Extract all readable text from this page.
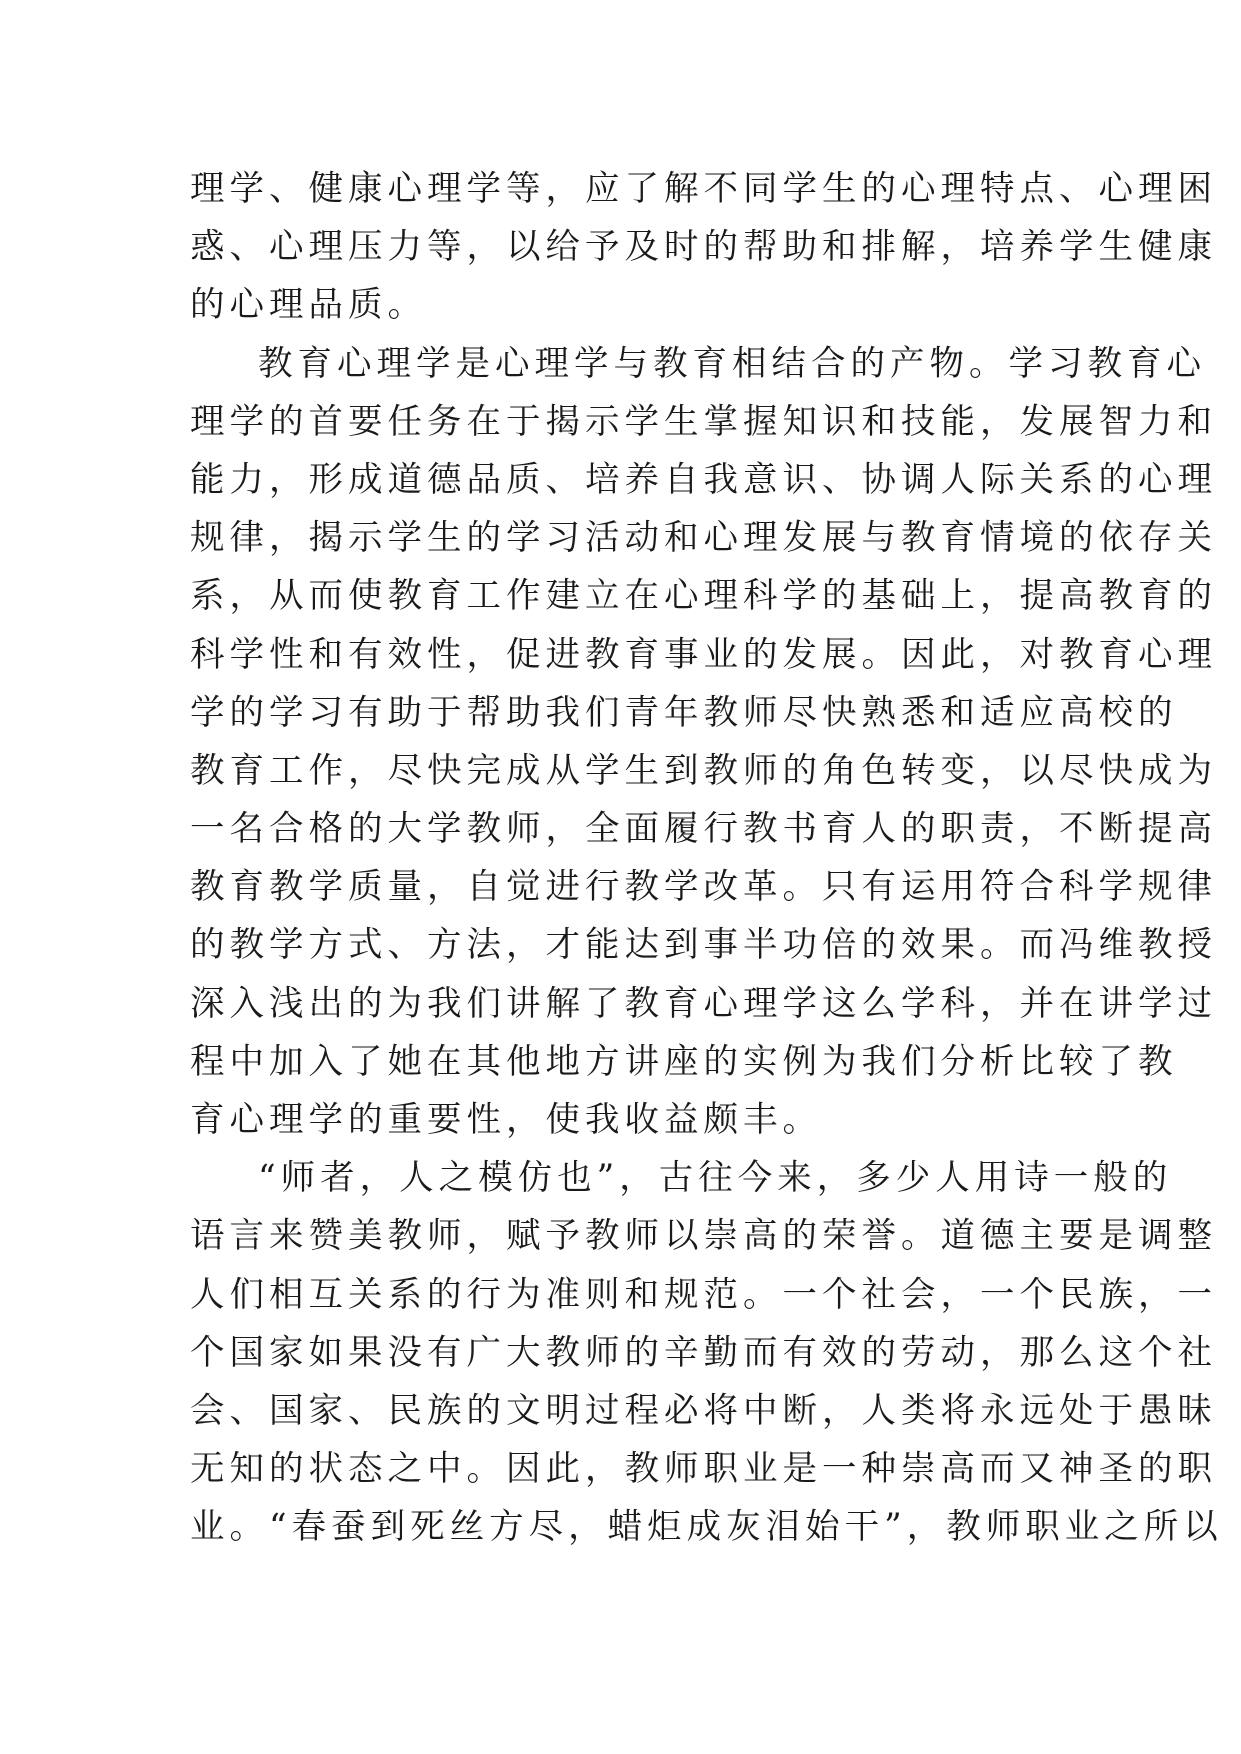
理学、健康心理学等，应了解不同学生的心理特点、心理困
惑、心理压力等，以给予及时的帮助和排解，培养学生健康
的心理品质。
教育心理学是心理学与教育相结合的产物。学习教育心
理学的首要任务在于揭示学生掌握知识和技能，发展智力和
能力，形成道德品质、培养自我意识、协调人际关系的心理
规律，揭示学生的学习活动和心理发展与教育情境的依存关
系，从而使教育工作建立在心理科学的基础上，提高教育的
科学性和有效性，促进教育事业的发展。因此，对教育心理
学的学习有助于帮助我们青年教师尽快熟悉和适应高校的
教育工作，尽快完成从学生到教师的角色转变，以尽快成为
一名合格的大学教师，全面履行教书育人的职责，不断提高
教育教学质量，自觉进行教学改革。只有运用符合科学规律
的教学方式、方法，才能达到事半功倍的效果。而冯维教授
深入浅出的为我们讲解了教育心理学这么学科，并在讲学过
程中加入了她在其他地方讲座的实例为我们分析比较了教
育心理学的重要性，使我收益颇丰。
“师者，人之模仿也”，古往今来，多少人用诗一般的
语言来赞美教师，赋予教师以崇高的荣誉。道德主要是调整
人们相互关系的行为准则和规范。一个社会，一个民族，一
个国家如果没有广大教师的辛勤而有效的劳动，那么这个社
会、国家、民族的文明过程必将中断，人类将永远处于愚昧
无知的状态之中。因此，教师职业是一种崇高而又神圣的职
业。“春蚕到死丝方尽，蜡炬成灰泪始干”，教师职业之所以
